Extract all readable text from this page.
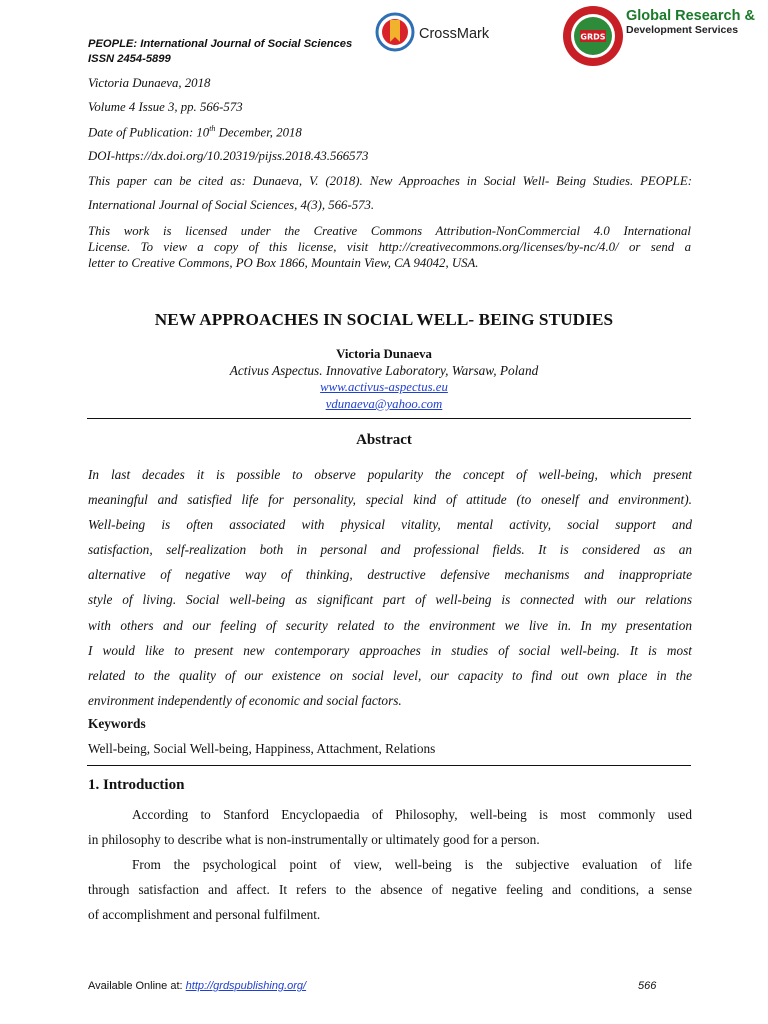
PEOPLE: International Journal of Social Sciences
ISSN 2454-5899
CrossMark	GRDS
Global Research &
Development Services
Victoria Dunaeva, 2018
Volume 4 Issue 3, pp. 566-573
Date of Publication: 10th December, 2018
DOI-https://dx.doi.org/10.20319/pijss.2018.43.566573
This paper can be cited as: Dunaeva, V. (2018). New Approaches in Social Well- Being Studies. PEOPLE:
International Journal of Social Sciences, 4(3), 566-573.
This work is licensed under the Creative Commons Attribution-NonCommercial 4.0 International
License. To view a copy of this license, visit http://creativecommons.org/licenses/by-nc/4.0/ or send a
letter to Creative Commons, PO Box 1866, Mountain View, CA 94042, USA.
NEW APPROACHES IN SOCIAL WELL- BEING STUDIES
Victoria Dunaeva
Activus Aspectus. Innovative Laboratory, Warsaw, Poland
www.activus-aspectus.eu
vdunaeva@yahoo.com
Abstract
In last decades it is possible to observe popularity the concept of well-being, which present
meaningful and satisfied life for personality, special kind of attitude (to oneself and environment).
Well-being is often associated with physical vitality, mental activity, social support and
satisfaction, self-realization both in personal and professional fields. It is considered as an
alternative of negative way of thinking, destructive defensive mechanisms and inappropriate
style of living. Social well-being as significant part of well-being is connected with our relations
with others and our feeling of security related to the environment we live in. In my presentation
I would like to present new contemporary approaches in studies of social well-being. It is most
related to the quality of our existence on social level, our capacity to find out own place in the
environment independently of economic and social factors.
Keywords
Well-being, Social Well-being, Happiness, Attachment, Relations
1. Introduction
According to Stanford Encyclopaedia of Philosophy, well-being is most commonly used
in philosophy to describe what is non-instrumentally or ultimately good for a person.
From the psychological point of view, well-being is the subjective evaluation of life
through satisfaction and affect. It refers to the absence of negative feeling and conditions, a sense
of accomplishment and personal fulfilment.
Available Online at: http://grdspublishing.org/	566
